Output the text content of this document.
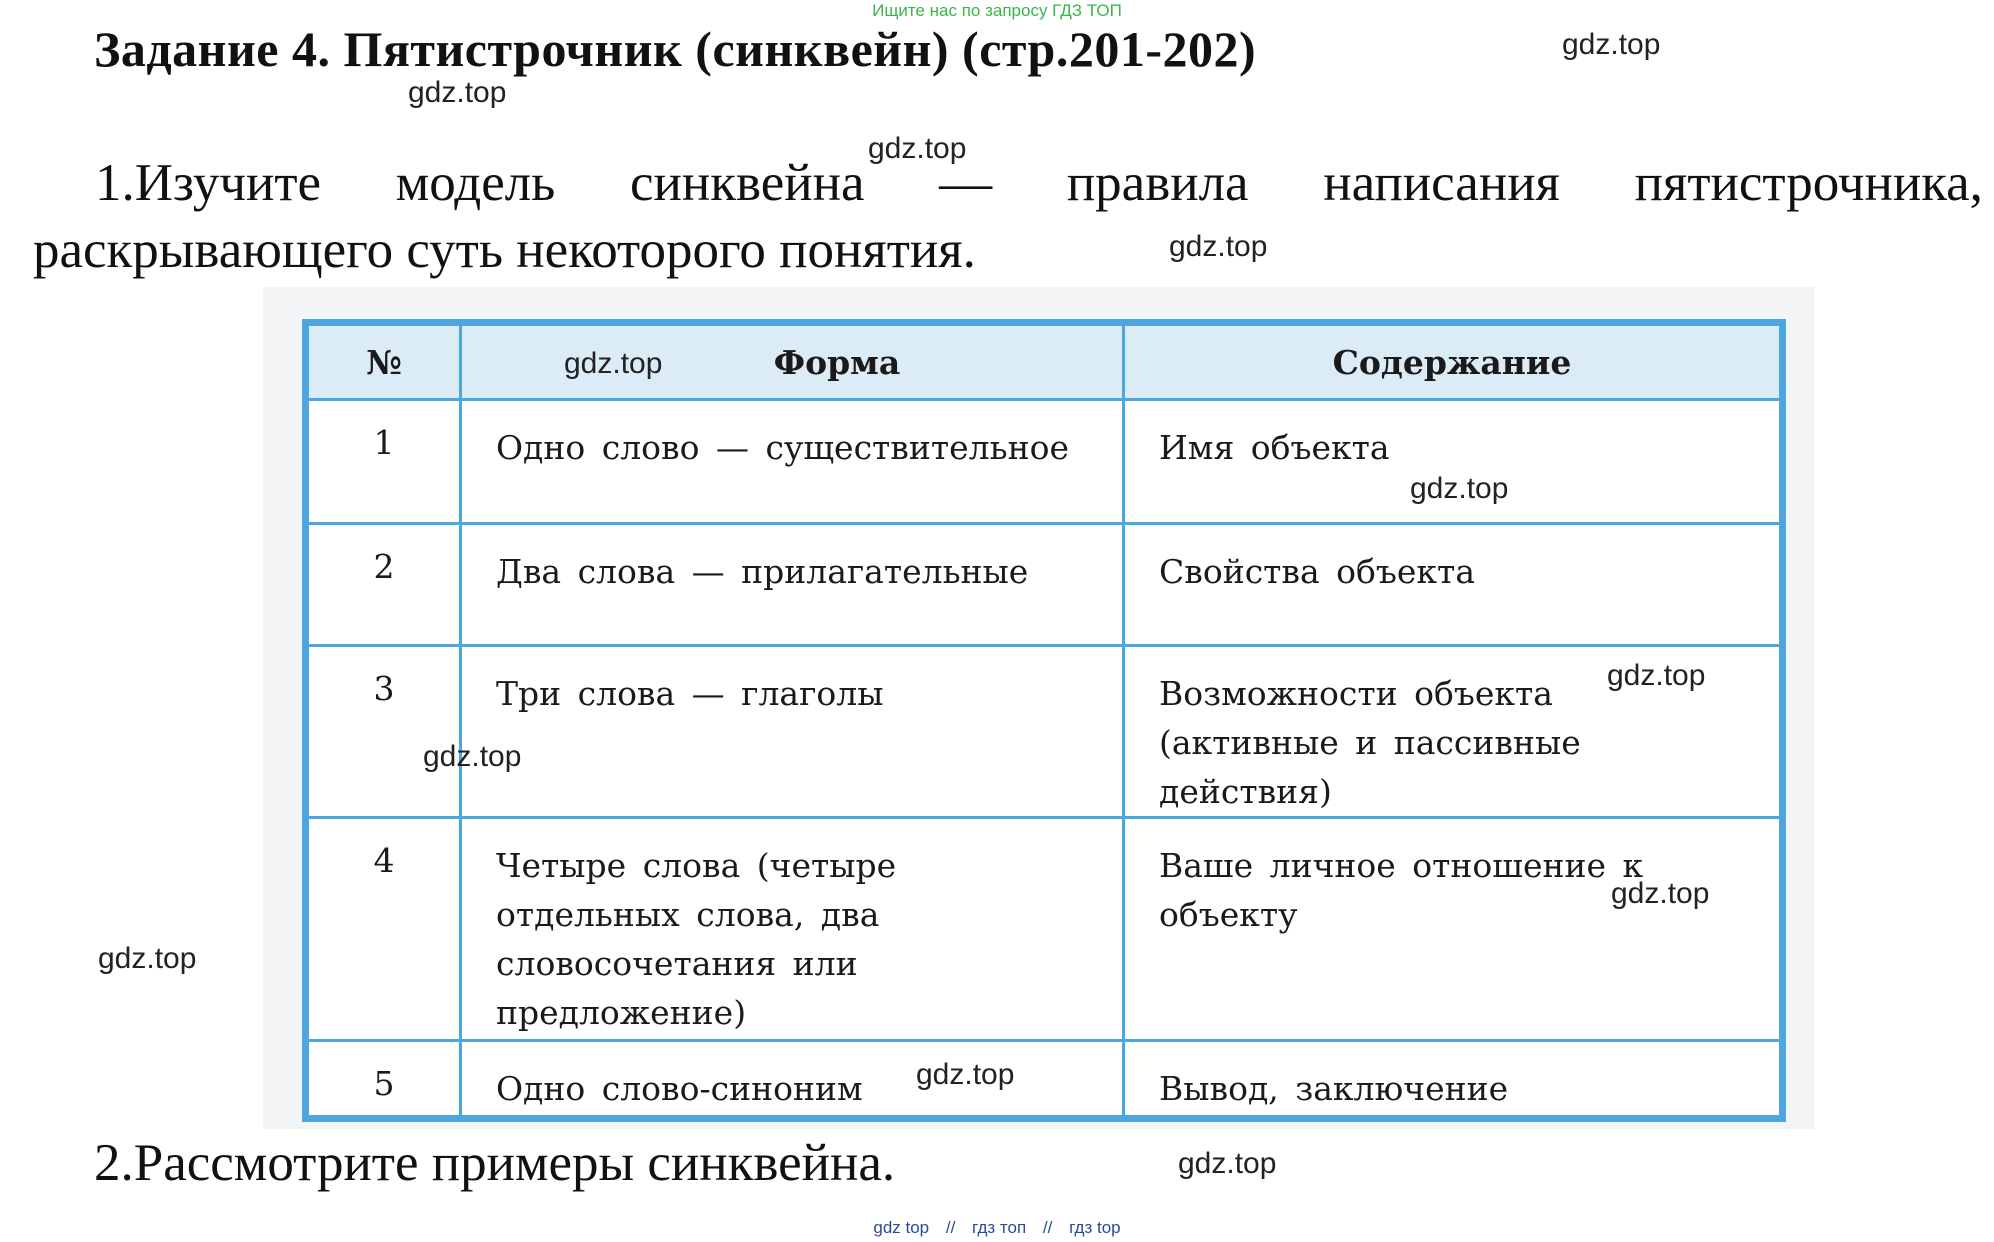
Ищите нас по запросу ГДЗ ТОП
Задание 4. Пятистрочник (синквейн) (стр.201-202)
1.Изучите модель синквейна — правила написания пятистрочника,
раскрывающего суть некоторого понятия.
№	Форма	Содержание
1	Одно слово — существительное	Имя объекта
2	Два слова — прилагательные	Свойства объекта
3	Три слова — глаголы	Возможности объекта (активные и пассивные действия)
4	Четыре слова (четыре отдельных слова, два словосочетания или предложение)	Ваше личное отношение к объекту
5	Одно слово-синоним	Вывод, заключение
2.Рассмотрите примеры синквейна.
gdz.top
gdz.top
gdz.top
gdz.top
gdz.top
gdz.top
gdz.top
gdz.top
gdz.top
gdz.top
gdz.top
gdz.top
gdz top // гдз топ // гдз top
